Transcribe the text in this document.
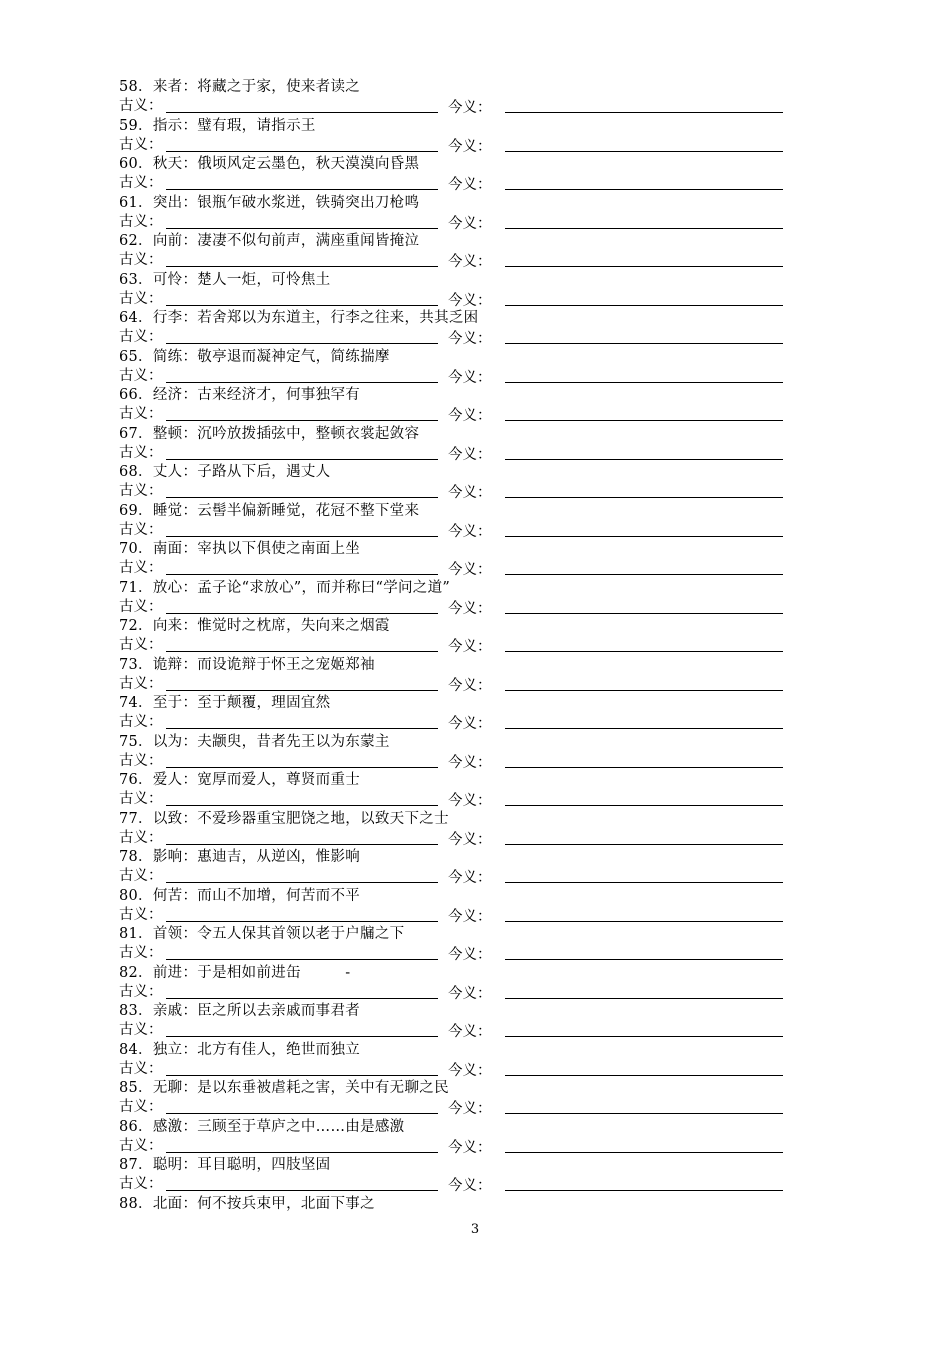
58．来者：将藏之于家，使来者读之
古义：	今义：
59．指示：璧有瑕，请指示王
古义：	今义：
60．秋天：俄顷风定云墨色，秋天漠漠向昏黑
古义：	今义：
61．突出：银瓶乍破水浆迸，铁骑突出刀枪鸣
古义：	今义：
62．向前：凄凄不似句前声，满座重闻皆掩泣
古义：	今义：
63．可怜：楚人一炬，可怜焦土
古义：	今义：
64．行李：若舍郑以为东道主，行李之往来，共其乏困
古义：	今义：
65．简练：敬亭退而凝神定气，简练揣摩
古义：	今义：
66．经济：古来经济才，何事独罕有
古义：	今义：
67．整顿：沉吟放拨插弦中，整顿衣裳起敛容
古义：	今义：
68．丈人：子路从下后，遇丈人
古义：	今义：
69．睡觉：云髻半偏新睡觉，花冠不整下堂来
古义：	今义：
70．南面：宰执以下俱使之南面上坐
古义：	今义：
71．放心：孟子论“求放心”，而并称曰“学问之道”
古义：	今义：
72．向来：惟觉时之枕席，失向来之烟霞
古义：	今义：
73．诡辩：而设诡辩于怀王之宠姬郑袖
古义：	今义：
74．至于：至于颠覆，理固宜然
古义：	今义：
75．以为：夫颛臾，昔者先王以为东蒙主
古义：	今义：
76．爱人：宽厚而爱人，尊贤而重士
古义：	今义：
77．以致：不爱珍器重宝肥饶之地，以致天下之士
古义：	今义：
78．影响：惠迪吉，从逆凶，惟影响
古义：	今义：
80．何苦：而山不加增，何苦而不平
古义：	今义：
81．首领：令五人保其首领以老于户牖之下
古义：	今义：
82．前进：于是相如前进缶　　　-
古义：	今义：
83．亲戚：臣之所以去亲戚而事君者
古义：	今义：
84．独立：北方有佳人，绝世而独立
古义：	今义：
85．无聊：是以东垂被虐耗之害，关中有无聊之民
古义：	今义：
86．感激：三顾至于草庐之中……由是感激
古义：	今义：
87．聪明：耳目聪明，四肢坚固
古义：	今义：
88．北面：何不按兵束甲，北面下事之
3
